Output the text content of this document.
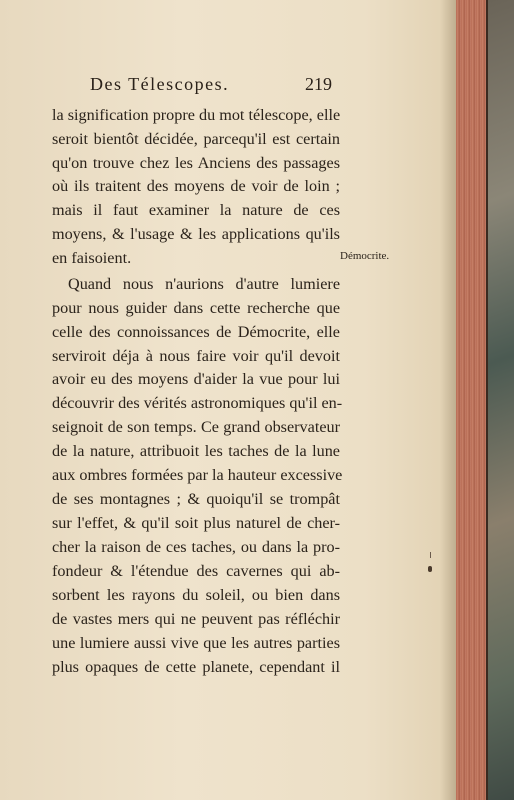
Des Télescopes.	219
la signification propre du mot télescope, elle
seroit bientôt décidée, parcequ'il est certain
qu'on trouve chez les Anciens des passages
où ils traitent des moyens de voir de loin ;
mais il faut examiner la nature de ces
moyens, & l'usage & les applications qu'ils
en faisoient.
Quand nous n'aurions d'autre lumiere
pour nous guider dans cette recherche que
celle des connoissances de Démocrite, elle
serviroit déja à nous faire voir qu'il devoit
avoir eu des moyens d'aider la vue pour lui
découvrir des vérités astronomiques qu'il en-
seignoit de son temps. Ce grand observateur
de la nature, attribuoit les taches de la lune
aux ombres formées par la hauteur excessive
de ses montagnes ; & quoiqu'il se trompât
sur l'effet, & qu'il soit plus naturel de cher-
cher la raison de ces taches, ou dans la pro-
fondeur & l'étendue des cavernes qui ab-
sorbent les rayons du soleil, ou bien dans
de vastes mers qui ne peuvent pas réfléchir
une lumiere aussi vive que les autres parties
plus opaques de cette planete, cependant il
Démocrite.
